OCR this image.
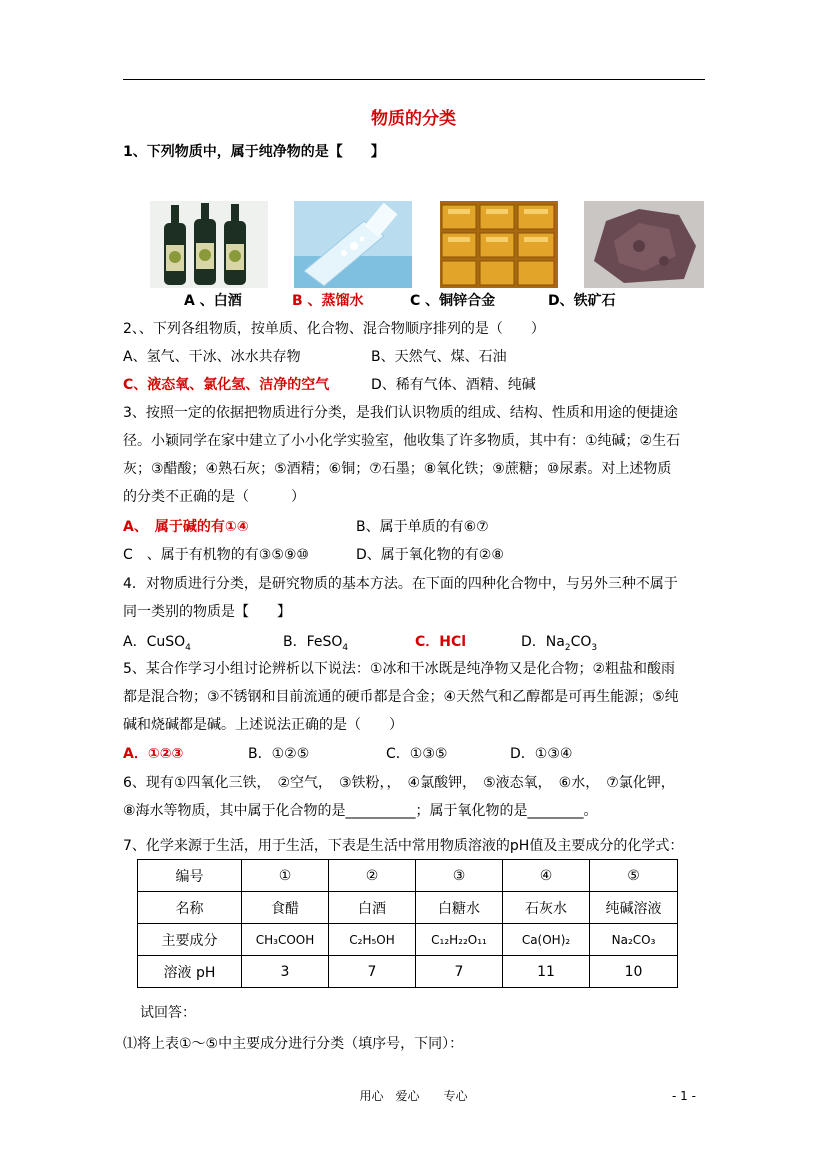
物质的分类
1、下列物质中，属于纯净物的是【　　】
A 、白酒	B 、蒸馏水	C 、铜锌合金	D、铁矿石
2、、下列各组物质，按单质、化合物、混合物顺序排列的是（　　）
A、氢气、干冰、冰水共存物	B、天然气、煤、石油
C、液态氧、氯化氢、洁净的空气	D、稀有气体、酒精、纯碱
3、按照一定的依据把物质进行分类，是我们认识物质的组成、结构、性质和用途的便捷途
径。小颖同学在家中建立了小小化学实验室，他收集了许多物质，其中有：①纯碱；②生石
灰；③醋酸；④熟石灰；⑤酒精；⑥铜；⑦石墨；⑧氧化铁；⑨蔗糖；⑩尿素。对上述物质
的分类不正确的是（　　　）
A、　属于碱的有①④	B、属于单质的有⑥⑦
C　、属于有机物的有③⑤⑨⑩	D、属于氧化物的有②⑧
4．对物质进行分类，是研究物质的基本方法。在下面的四种化合物中，与另外三种不属于
同一类别的物质是【　　】
A．CuSO$_4$	B．FeSO$_4$	C．HCl	D．$Na_2CO_3$
5、某合作学习小组讨论辨析以下说法：①冰和干冰既是纯净物又是化合物；②粗盐和酸雨
都是混合物；③不锈钢和目前流通的硬币都是合金；④天然气和乙醇都是可再生能源；⑤纯
碱和烧碱都是碱。上述说法正确的是（　　）
A．①②③	B．①②⑤	C．①③⑤	D．①③④
6、现有①四氧化三铁，　②空气，　③铁粉，，　④氯酸钾，　⑤液态氧，　⑥水，　⑦氯化钾，
⑧海水等物质，其中属于化合物的是__________；属于氧化物的是________。
7、化学来源于生活，用于生活，下表是生活中常用物质溶液的pH值及主要成分的化学式：
编号	①	②	③	④	⑤
名称	食醋	白酒	白糖水	石灰水	纯碱溶液
主要成分	CH₃COOH	C₂H₅OH	C₁₂H₂₂O₁₁	Ca(OH)₂	Na₂CO₃
溶液 pH	3	7	7	11	10
试回答：
⑴将上表①～⑤中主要成分进行分类（填序号，下同）：
用心　爱心　　专心	- 1 -
